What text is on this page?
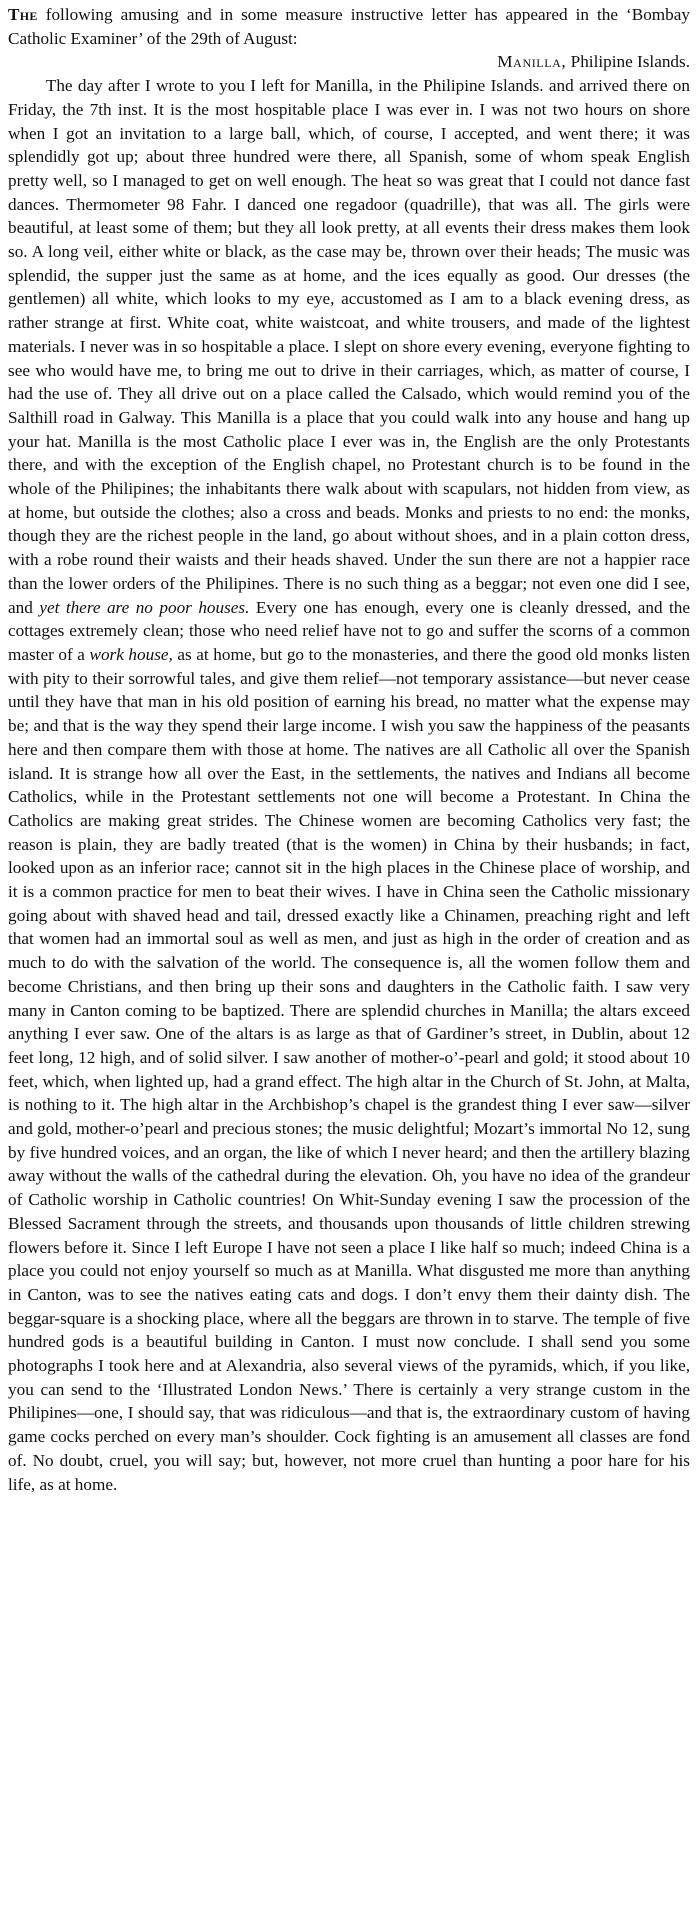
The following amusing and in some measure instructive letter has appeared in the ‘Bombay Catholic Examiner’ of the 29th of August:

Manilla, Philipine Islands.

The day after I wrote to you I left for Manilla, in the Philipine Islands. and arrived there on Friday, the 7th inst. It is the most hospitable place I was ever in. I was not two hours on shore when I got an invitation to a large ball, which, of course, I accepted, and went there; it was splendidly got up; about three hundred were there, all Spanish, some of whom speak English pretty well, so I managed to get on well enough. The heat so was great that I could not dance fast dances. Thermometer 98 Fahr. I danced one regadoor (quadrille), that was all. The girls were beautiful, at least some of them; but they all look pretty, at all events their dress makes them look so. A long veil, either white or black, as the case may be, thrown over their heads; The music was splendid, the supper just the same as at home, and the ices equally as good. Our dresses (the gentlemen) all white, which looks to my eye, accustomed as I am to a black evening dress, as rather strange at first. White coat, white waistcoat, and white trousers, and made of the lightest materials. I never was in so hospitable a place. I slept on shore every evening, everyone fighting to see who would have me, to bring me out to drive in their carriages, which, as matter of course, I had the use of. They all drive out on a place called the Calsado, which would remind you of the Salthill road in Galway. This Manilla is a place that you could walk into any house and hang up your hat. Manilla is the most Catholic place I ever was in, the English are the only Protestants there, and with the exception of the English chapel, no Protestant church is to be found in the whole of the Philipines; the inhabitants there walk about with scapulars, not hidden from view, as at home, but outside the clothes; also a cross and beads. Monks and priests to no end: the monks, though they are the richest people in the land, go about without shoes, and in a plain cotton dress, with a robe round their waists and their heads shaved. Under the sun there are not a happier race than the lower orders of the Philipines. There is no such thing as a beggar; not even one did I see, and yet there are no poor houses. Every one has enough, every one is cleanly dressed, and the cottages extremely clean; those who need relief have not to go and suffer the scorns of a common master of a work house, as at home, but go to the monasteries, and there the good old monks listen with pity to their sorrowful tales, and give them relief—not temporary assistance—but never cease until they have that man in his old position of earning his bread, no matter what the expense may be; and that is the way they spend their large income. I wish you saw the happiness of the peasants here and then compare them with those at home. The natives are all Catholic all over the Spanish island. It is strange how all over the East, in the settlements, the natives and Indians all become Catholics, while in the Protestant settlements not one will become a Protestant. In China the Catholics are making great strides. The Chinese women are becoming Catholics very fast; the reason is plain, they are badly treated (that is the women) in China by their husbands; in fact, looked upon as an inferior race; cannot sit in the high places in the Chinese place of worship, and it is a common practice for men to beat their wives. I have in China seen the Catholic missionary going about with shaved head and tail, dressed exactly like a Chinamen, preaching right and left that women had an immortal soul as well as men, and just as high in the order of creation and as much to do with the salvation of the world. The consequence is, all the women follow them and become Christians, and then bring up their sons and daughters in the Catholic faith. I saw very many in Canton coming to be baptized. There are splendid churches in Manilla; the altars exceed anything I ever saw. One of the altars is as large as that of Gardiner’s street, in Dublin, about 12 feet long, 12 high, and of solid silver. I saw another of mother-o’-pearl and gold; it stood about 10 feet, which, when lighted up, had a grand effect. The high altar in the Church of St. John, at Malta, is nothing to it. The high altar in the Archbishop’s chapel is the grandest thing I ever saw—silver and gold, mother-o’pearl and precious stones; the music delightful; Mozart’s immortal No 12, sung by five hundred voices, and an organ, the like of which I never heard; and then the artillery blazing away without the walls of the cathedral during the elevation. Oh, you have no idea of the grandeur of Catholic worship in Catholic countries! On Whit-Sunday evening I saw the procession of the Blessed Sacrament through the streets, and thousands upon thousands of little children strewing flowers before it. Since I left Europe I have not seen a place I like half so much; indeed China is a place you could not enjoy yourself so much as at Manilla. What disgusted me more than anything in Canton, was to see the natives eating cats and dogs. I don’t envy them their dainty dish. The beggar-square is a shocking place, where all the beggars are thrown in to starve. The temple of five hundred gods is a beautiful building in Canton. I must now conclude. I shall send you some photographs I took here and at Alexandria, also several views of the pyramids, which, if you like, you can send to the ‘Illustrated London News.’ There is certainly a very strange custom in the Philipines—one, I should say, that was ridiculous—and that is, the extraordinary custom of having game cocks perched on every man’s shoulder. Cock fighting is an amusement all classes are fond of. No doubt, cruel, you will say; but, however, not more cruel than hunting a poor hare for his life, as at home.
